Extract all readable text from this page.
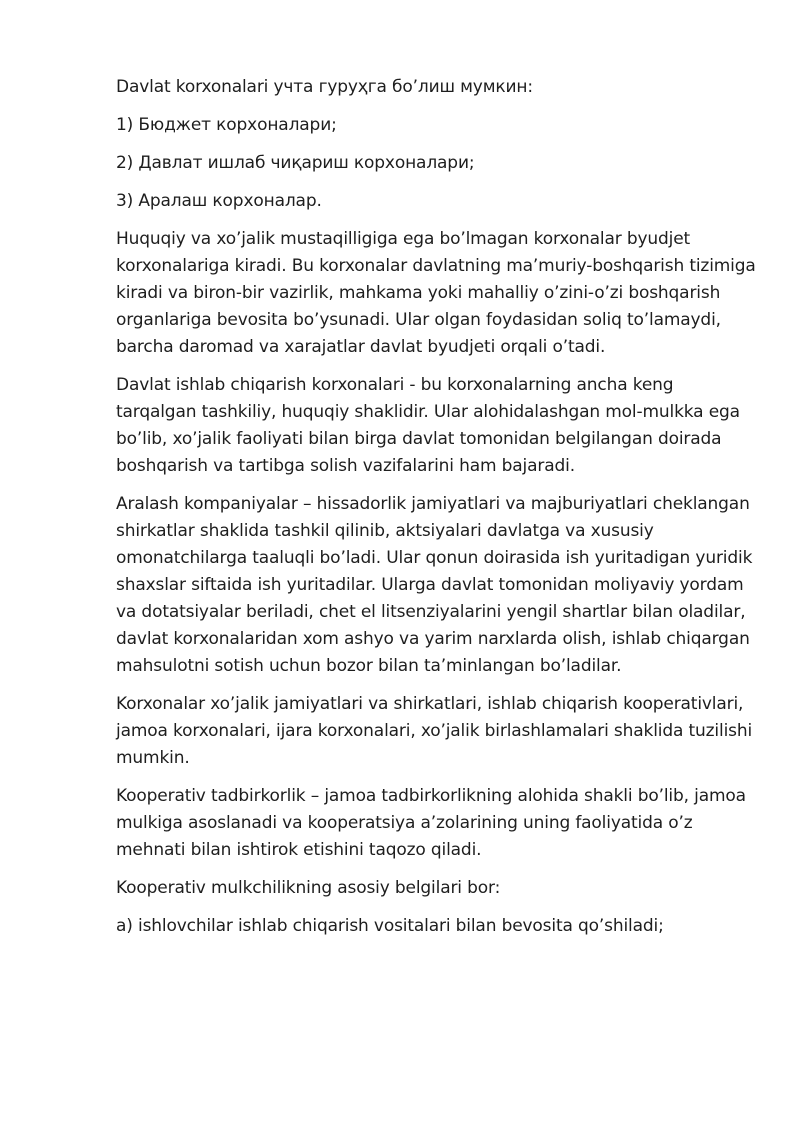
Davlat korxonalari учта гуруҳга бо’лиш мумкин:

1) Бюджет корхоналари;

2) Давлат ишлаб чиқариш корхоналари;

3) Аралаш корхоналар.

Huquqiy va xo’jalik mustaqilligiga ega bo’lmagan korxonalar byudjet korxonalariga kiradi. Bu korxonalar davlatning ma’muriy-boshqarish tizimiga kiradi va biron-bir vazirlik, mahkama yoki mahalliy o’zini-o’zi boshqarish organlariga bevosita bo’ysunadi. Ular olgan foydasidan soliq to’lamaydi, barcha daromad va xarajatlar davlat byudjeti orqali o’tadi.

Davlat ishlab chiqarish korxonalari - bu korxonalarning ancha keng tarqalgan tashkiliy, huquqiy shaklidir. Ular alohidalashgan mol-mulkka ega bo’lib, xo’jalik faoliyati bilan birga davlat tomonidan belgilangan doirada boshqarish va tartibga solish vazifalarini ham bajaradi.

Aralash kompaniyalar – hissadorlik jamiyatlari va majburiyatlari cheklangan shirkatlar shaklida tashkil qilinib, aktsiyalari davlatga va xususiy omonatchilarga taaluqli bo’ladi. Ular qonun doirasida ish yuritadigan yuridik shaxslar siftaida ish yuritadilar. Ularga davlat tomonidan moliyaviy yordam va dotatsiyalar beriladi, chet el litsenziyalarini yengil shartlar bilan oladilar, davlat korxonalaridan xom ashyo va yarim narxlarda olish, ishlab chiqargan mahsulotni sotish uchun bozor bilan ta’minlangan bo’ladilar.

Korxonalar xo’jalik jamiyatlari va shirkatlari, ishlab chiqarish kooperativlari, jamoa korxonalari, ijara korxonalari, xo’jalik birlashlamalari shaklida tuzilishi mumkin.

Kooperativ tadbirkorlik – jamoa tadbirkorlikning alohida shakli bo’lib, jamoa mulkiga asoslanadi va kooperatsiya a’zolarining uning faoliyatida o’z mehnati bilan ishtirok etishini taqozo qiladi.

Kooperativ mulkchilikning asosiy belgilari bor:

a) ishlovchilar ishlab chiqarish vositalari bilan bevosita qo’shiladi;
